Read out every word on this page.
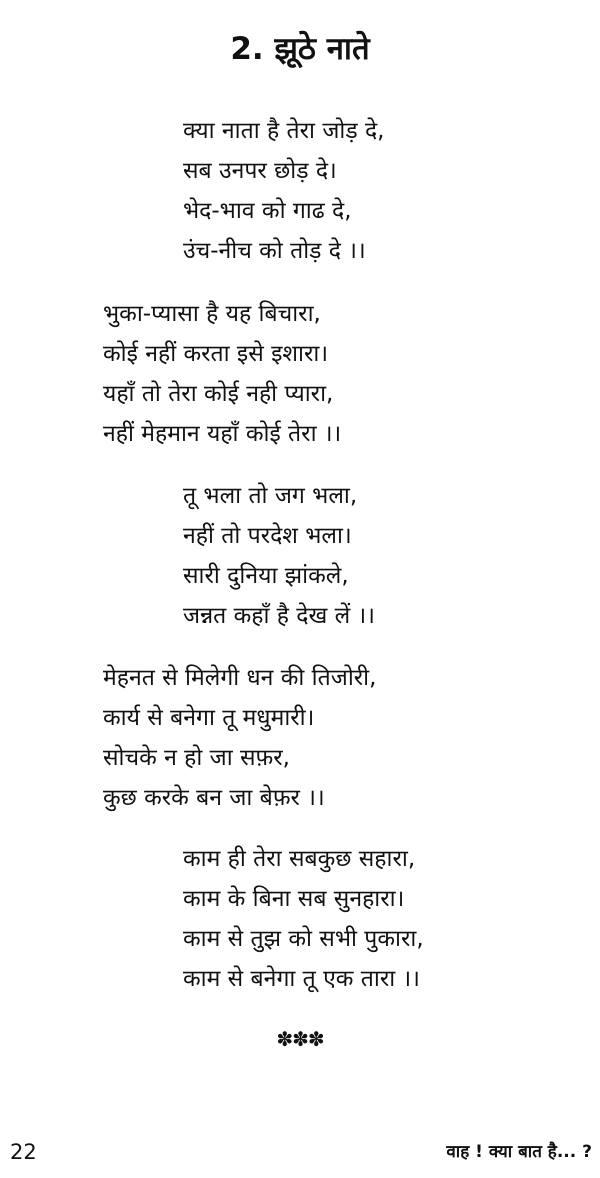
2. झूठे नाते
क्या नाता है तेरा जोड़ दे,
सब उनपर छोड़ दे।
भेद-भाव को गाढ दे,
उंच-नीच को तोड़ दे ।।
भुका-प्यासा है यह बिचारा,
कोई नहीं करता इसे इशारा।
यहाँ तो तेरा कोई नही प्यारा,
नहीं मेहमान यहाँ कोई तेरा ।।
तू भला तो जग भला,
नहीं तो परदेश भला।
सारी दुनिया झांकले,
जन्नत कहाँ है देख लें ।।
मेहनत से मिलेगी धन की तिजोरी,
कार्य से बनेगा तू मधुमारी।
सोचके न हो जा सफ़र,
कुछ करके बन जा बेफ़र ।।
काम ही तेरा सबकुछ सहारा,
काम के बिना सब सुनहारा।
काम से तुझ को सभी पुकारा,
काम से बनेगा तू एक तारा ।।
✽✽✽
22	वाह ! क्या बात है... ?
